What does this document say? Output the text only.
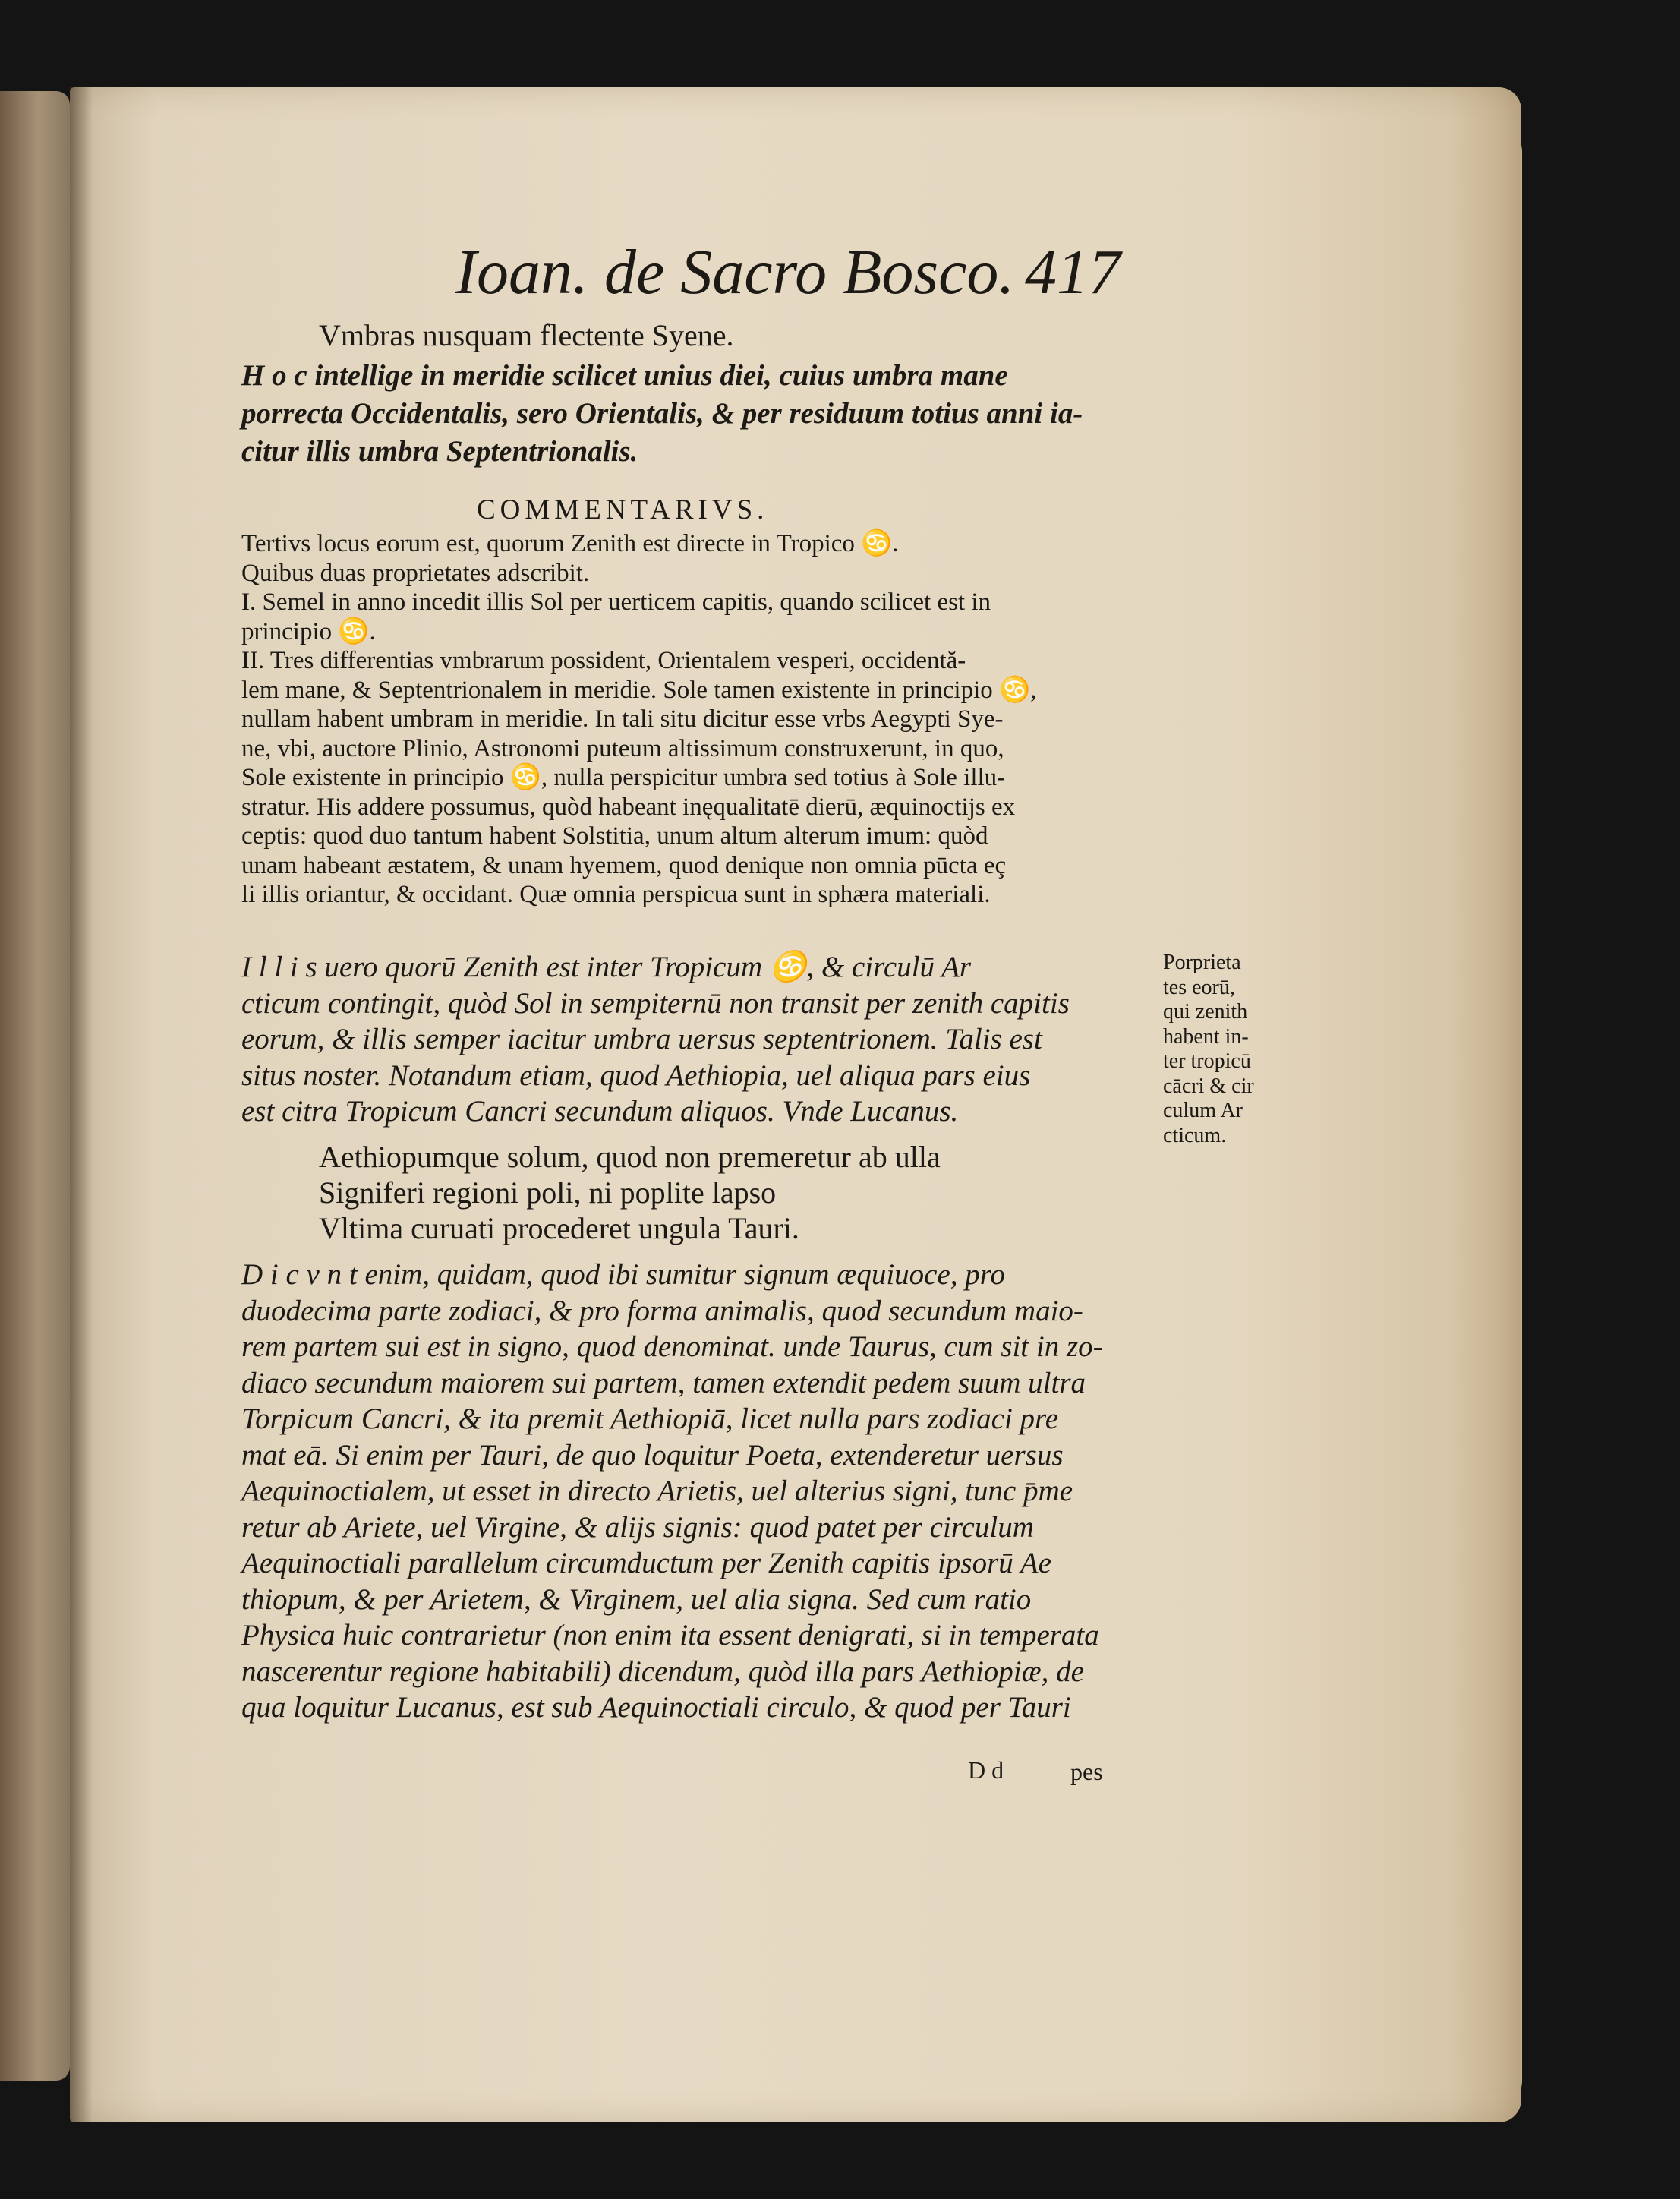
Ioan. de Sacro Bosco. 417
Vmbras nusquam flectente Syene.
H o c intellige in meridie scilicet unius diei, cuius umbra mane
porrecta Occidentalis, sero Orientalis, & per residuum totius anni ia-
citur illis umbra Septentrionalis.
COMMENTARIVS.
Tertivs locus eorum est, quorum Zenith est directe in Tropico ♋.
Quibus duas proprietates adscribit.
I. Semel in anno incedit illis Sol per uerticem capitis, quando scilicet est in
principio ♋.
II. Tres differentias vmbrarum possident, Orientalem vesperi, occidentă-
lem mane, & Septentrionalem in meridie. Sole tamen existente in principio ♋,
nullam habent umbram in meridie. In tali situ dicitur esse vrbs Aegypti Sye-
ne, vbi, auctore Plinio, Astronomi puteum altissimum construxerunt, in quo,
Sole existente in principio ♋, nulla perspicitur umbra sed totius à Sole illu-
stratur. His addere possumus, quòd habeant inęqualitatē dierū, æquinoctijs ex
ceptis: quod duo tantum habent Solstitia, unum altum alterum imum: quòd
unam habeant æstatem, & unam hyemem, quod denique non omnia pūcta eç
li illis oriantur, & occidant. Quæ omnia perspicua sunt in sphæra materiali.
I l l i s uero quorū Zenith est inter Tropicum ♋, & circulū Ar
cticum contingit, quòd Sol in sempiternū non transit per zenith capitis
eorum, & illis semper iacitur umbra uersus septentrionem. Talis est
situs noster. Notandum etiam, quod Aethiopia, uel aliqua pars eius
est citra Tropicum Cancri secundum aliquos. Vnde Lucanus.
Aethiopumque solum, quod non premeretur ab ulla
Signiferi regioni poli, ni poplite lapso
Vltima curuati procederet ungula Tauri.
D i c v n t enim, quidam, quod ibi sumitur signum æquiuoce, pro
duodecima parte zodiaci, & pro forma animalis, quod secundum maio-
rem partem sui est in signo, quod denominat. unde Taurus, cum sit in zo-
diaco secundum maiorem sui partem, tamen extendit pedem suum ultra
Torpicum Cancri, & ita premit Aethiopiā, licet nulla pars zodiaci pre
mat eā. Si enim per Tauri, de quo loquitur Poeta, extenderetur uersus
Aequinoctialem, ut esset in directo Arietis, uel alterius signi, tunc p̄me
retur ab Ariete, uel Virgine, & alijs signis: quod patet per circulum
Aequinoctiali parallelum circumductum per Zenith capitis ipsorū Ae
thiopum, & per Arietem, & Virginem, uel alia signa. Sed cum ratio
Physica huic contrarietur (non enim ita essent denigrati, si in temperata
nascerentur regione habitabili) dicendum, quòd illa pars Aethiopiæ, de
qua loquitur Lucanus, est sub Aequinoctiali circulo, & quod per Tauri
Porprieta
tes eorū,
qui zenith
habent in-
ter tropicū
cācri & cir
culum Ar
cticum.
D d	pes
